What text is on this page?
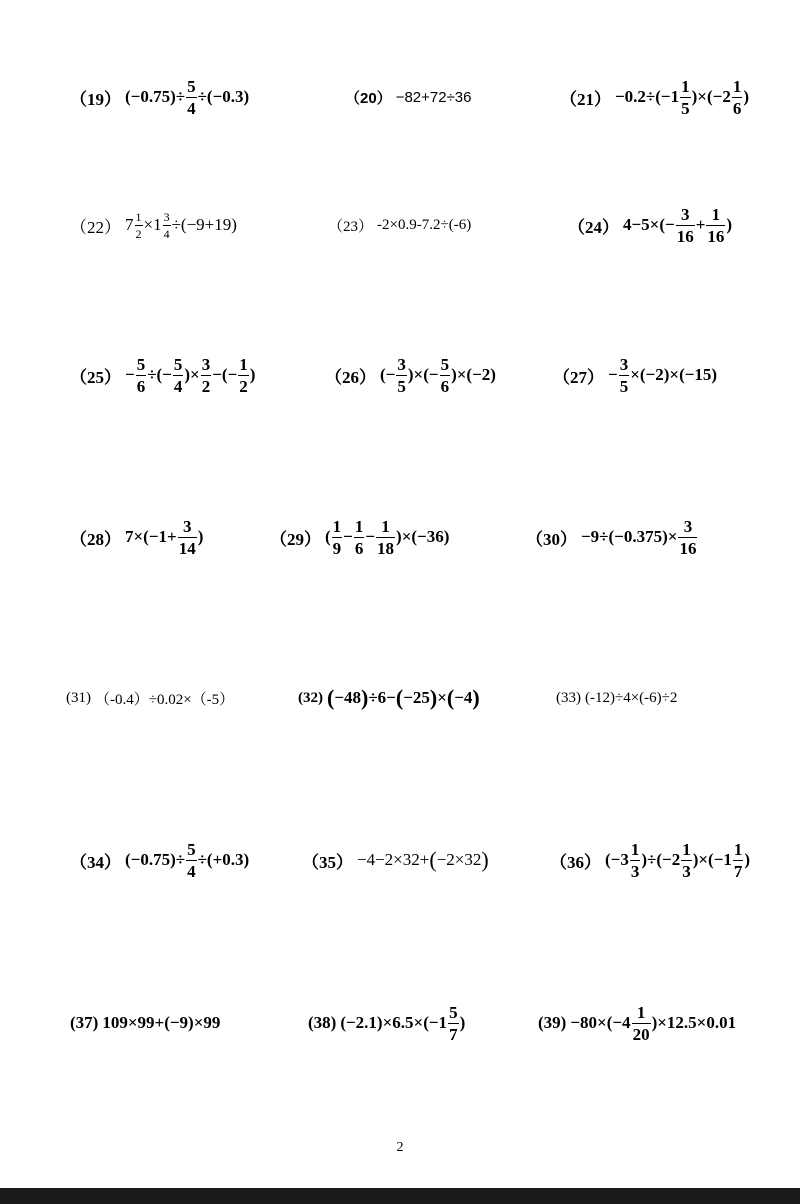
（19） $(-0.75)\div \frac{5}{4} \div(-0.3)$	（20） −82+72÷36	$(21) -0.2\div(-1 \frac{1}{5} )\times(-2 \frac{1}{6}$ )
（22） $7 \frac{1}{2} \times 1 \frac{3}{4} \div(-9+19)$	（23） -2×0.9-7.2÷(-6)	（24） $4-5\times(- \frac{3}{16} + \frac{1}{16}$ )
$(25) - \frac{5}{6}$ ÷(− $\frac{5}{4}$ )× $\frac{3}{2}$ −(− $\frac{1}{2}$ )	（26） (− $\frac{3}{5}$ )×(− $\frac{5}{6} )\times(-2)$	$(27) - \frac{3}{5} \times(-2)\times(-15)$
（28） $7\times(-1+ \frac{3}{14}$ )	（29） ( $\frac{1}{9} - \frac{1}{6} - \frac{1}{18} )\times(-36)$	$(30) -9\div(-0.375)\times \frac{3}{16}$
(31) （-0.4）÷0.02×（-5）	(32) ( −48 ) ÷6− ( −25 ) × ( −4 )	(33) (-12)÷4×(-6)÷2
（34） $(-0.75)\div \frac{5}{4} \div(+0.3)$	（35） −4−2×32+ ( −2×32 )	（36） $(-3 \frac{1}{3} )\div(-2 \frac{1}{3} )\times(-1 \frac{1}{7}$ )
(37) 109×99+(−9)×99	(38) $(-2.1)\times 6.5\times(-1 \frac{5}{7}$ )	$(39) -80\times(-4 \frac{1}{20} )\times 12.5\times 0.01$
2
